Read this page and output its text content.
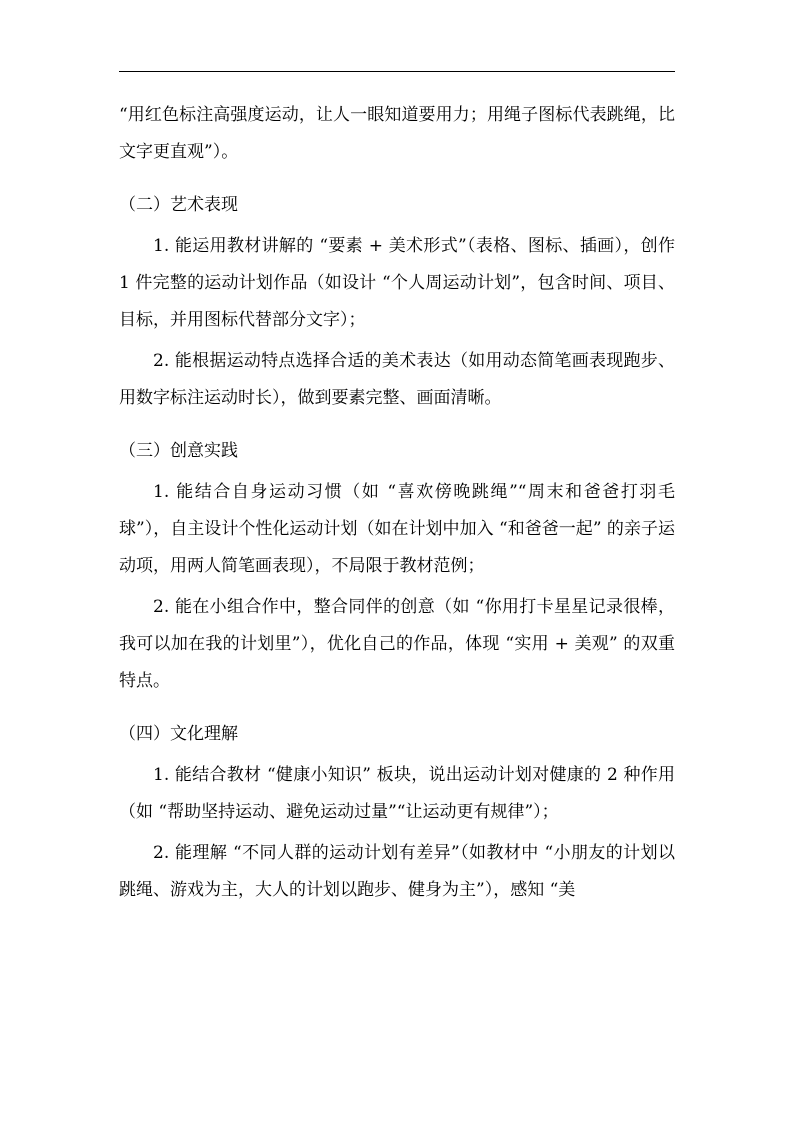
“用红色标注高强度运动，让人一眼知道要用力；用绳子图标代表跳绳，比文字更直观”）。

（二）艺术表现

1. 能运用教材讲解的 “要素 + 美术形式”（表格、图标、插画），创作 1 件完整的运动计划作品（如设计 “个人周运动计划”，包含时间、项目、目标，并用图标代替部分文字）；

2. 能根据运动特点选择合适的美术表达（如用动态简笔画表现跑步、用数字标注运动时长），做到要素完整、画面清晰。

（三）创意实践

1. 能结合自身运动习惯（如 “喜欢傍晚跳绳”“周末和爸爸打羽毛球”），自主设计个性化运动计划（如在计划中加入 “和爸爸一起” 的亲子运动项，用两人简笔画表现），不局限于教材范例；

2. 能在小组合作中，整合同伴的创意（如 “你用打卡星星记录很棒，我可以加在我的计划里”），优化自己的作品，体现 “实用 + 美观” 的双重特点。

（四）文化理解

1. 能结合教材 “健康小知识” 板块，说出运动计划对健康的 2 种作用（如 “帮助坚持运动、避免运动过量”“让运动更有规律”）；

2. 能理解 “不同人群的运动计划有差异”（如教材中 “小朋友的计划以跳绳、游戏为主，大人的计划以跑步、健身为主”），感知 “美
